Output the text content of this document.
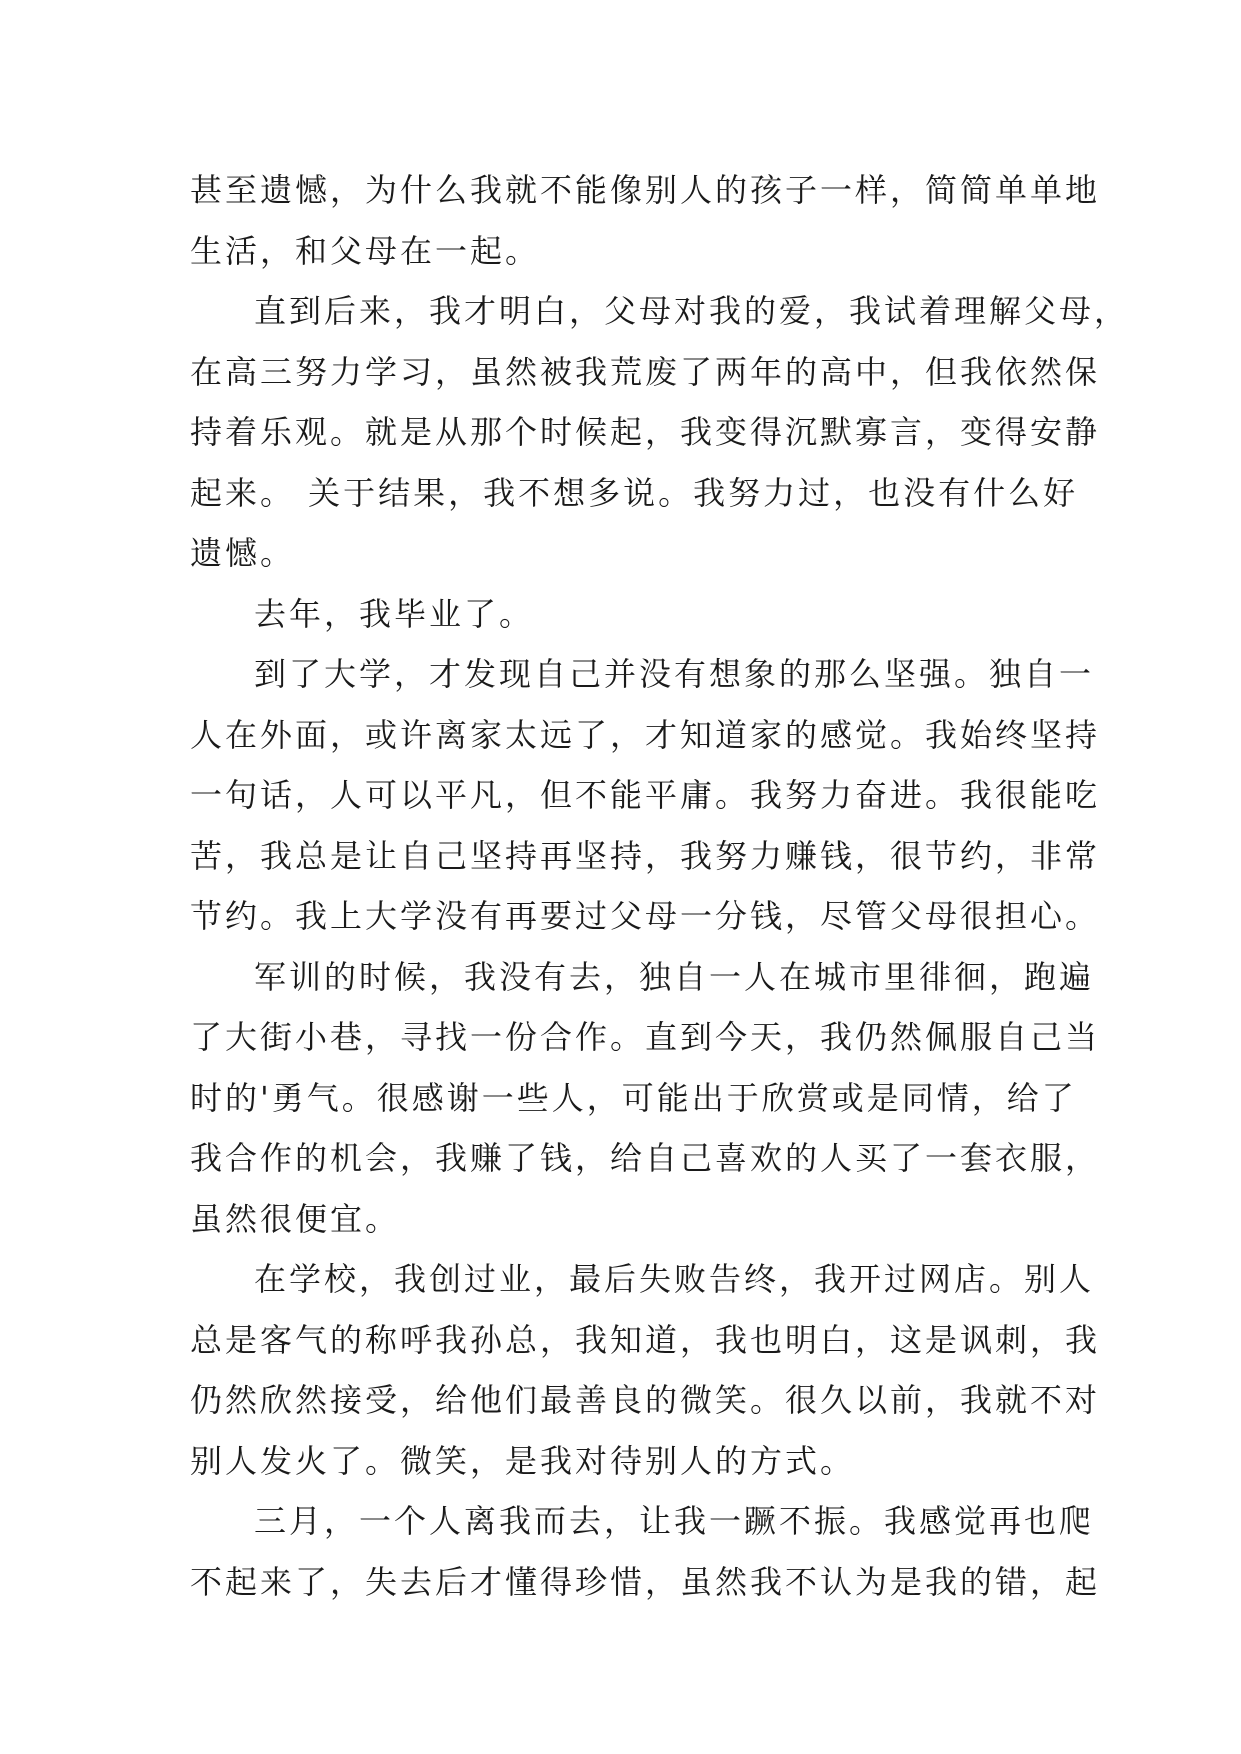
甚至遗憾，为什么我就不能像别人的孩子一样，简简单单地
生活，和父母在一起。

直到后来，我才明白，父母对我的爱，我试着理解父母，
在高三努力学习，虽然被我荒废了两年的高中，但我依然保
持着乐观。就是从那个时候起，我变得沉默寡言，变得安静
起来。 关于结果，我不想多说。我努力过，也没有什么好
遗憾。

去年，我毕业了。

到了大学，才发现自己并没有想象的那么坚强。独自一
人在外面，或许离家太远了，才知道家的感觉。我始终坚持
一句话，人可以平凡，但不能平庸。我努力奋进。我很能吃
苦，我总是让自己坚持再坚持，我努力赚钱，很节约，非常
节约。我上大学没有再要过父母一分钱，尽管父母很担心。

军训的时候，我没有去，独自一人在城市里徘徊，跑遍
了大街小巷，寻找一份合作。直到今天，我仍然佩服自己当
时的'勇气。很感谢一些人，可能出于欣赏或是同情，给了
我合作的机会，我赚了钱，给自己喜欢的人买了一套衣服，
虽然很便宜。

在学校，我创过业，最后失败告终，我开过网店。别人
总是客气的称呼我孙总，我知道，我也明白，这是讽刺，我
仍然欣然接受，给他们最善良的微笑。很久以前，我就不对
别人发火了。微笑，是我对待别人的方式。

三月，一个人离我而去，让我一蹶不振。我感觉再也爬
不起来了，失去后才懂得珍惜，虽然我不认为是我的错，起
